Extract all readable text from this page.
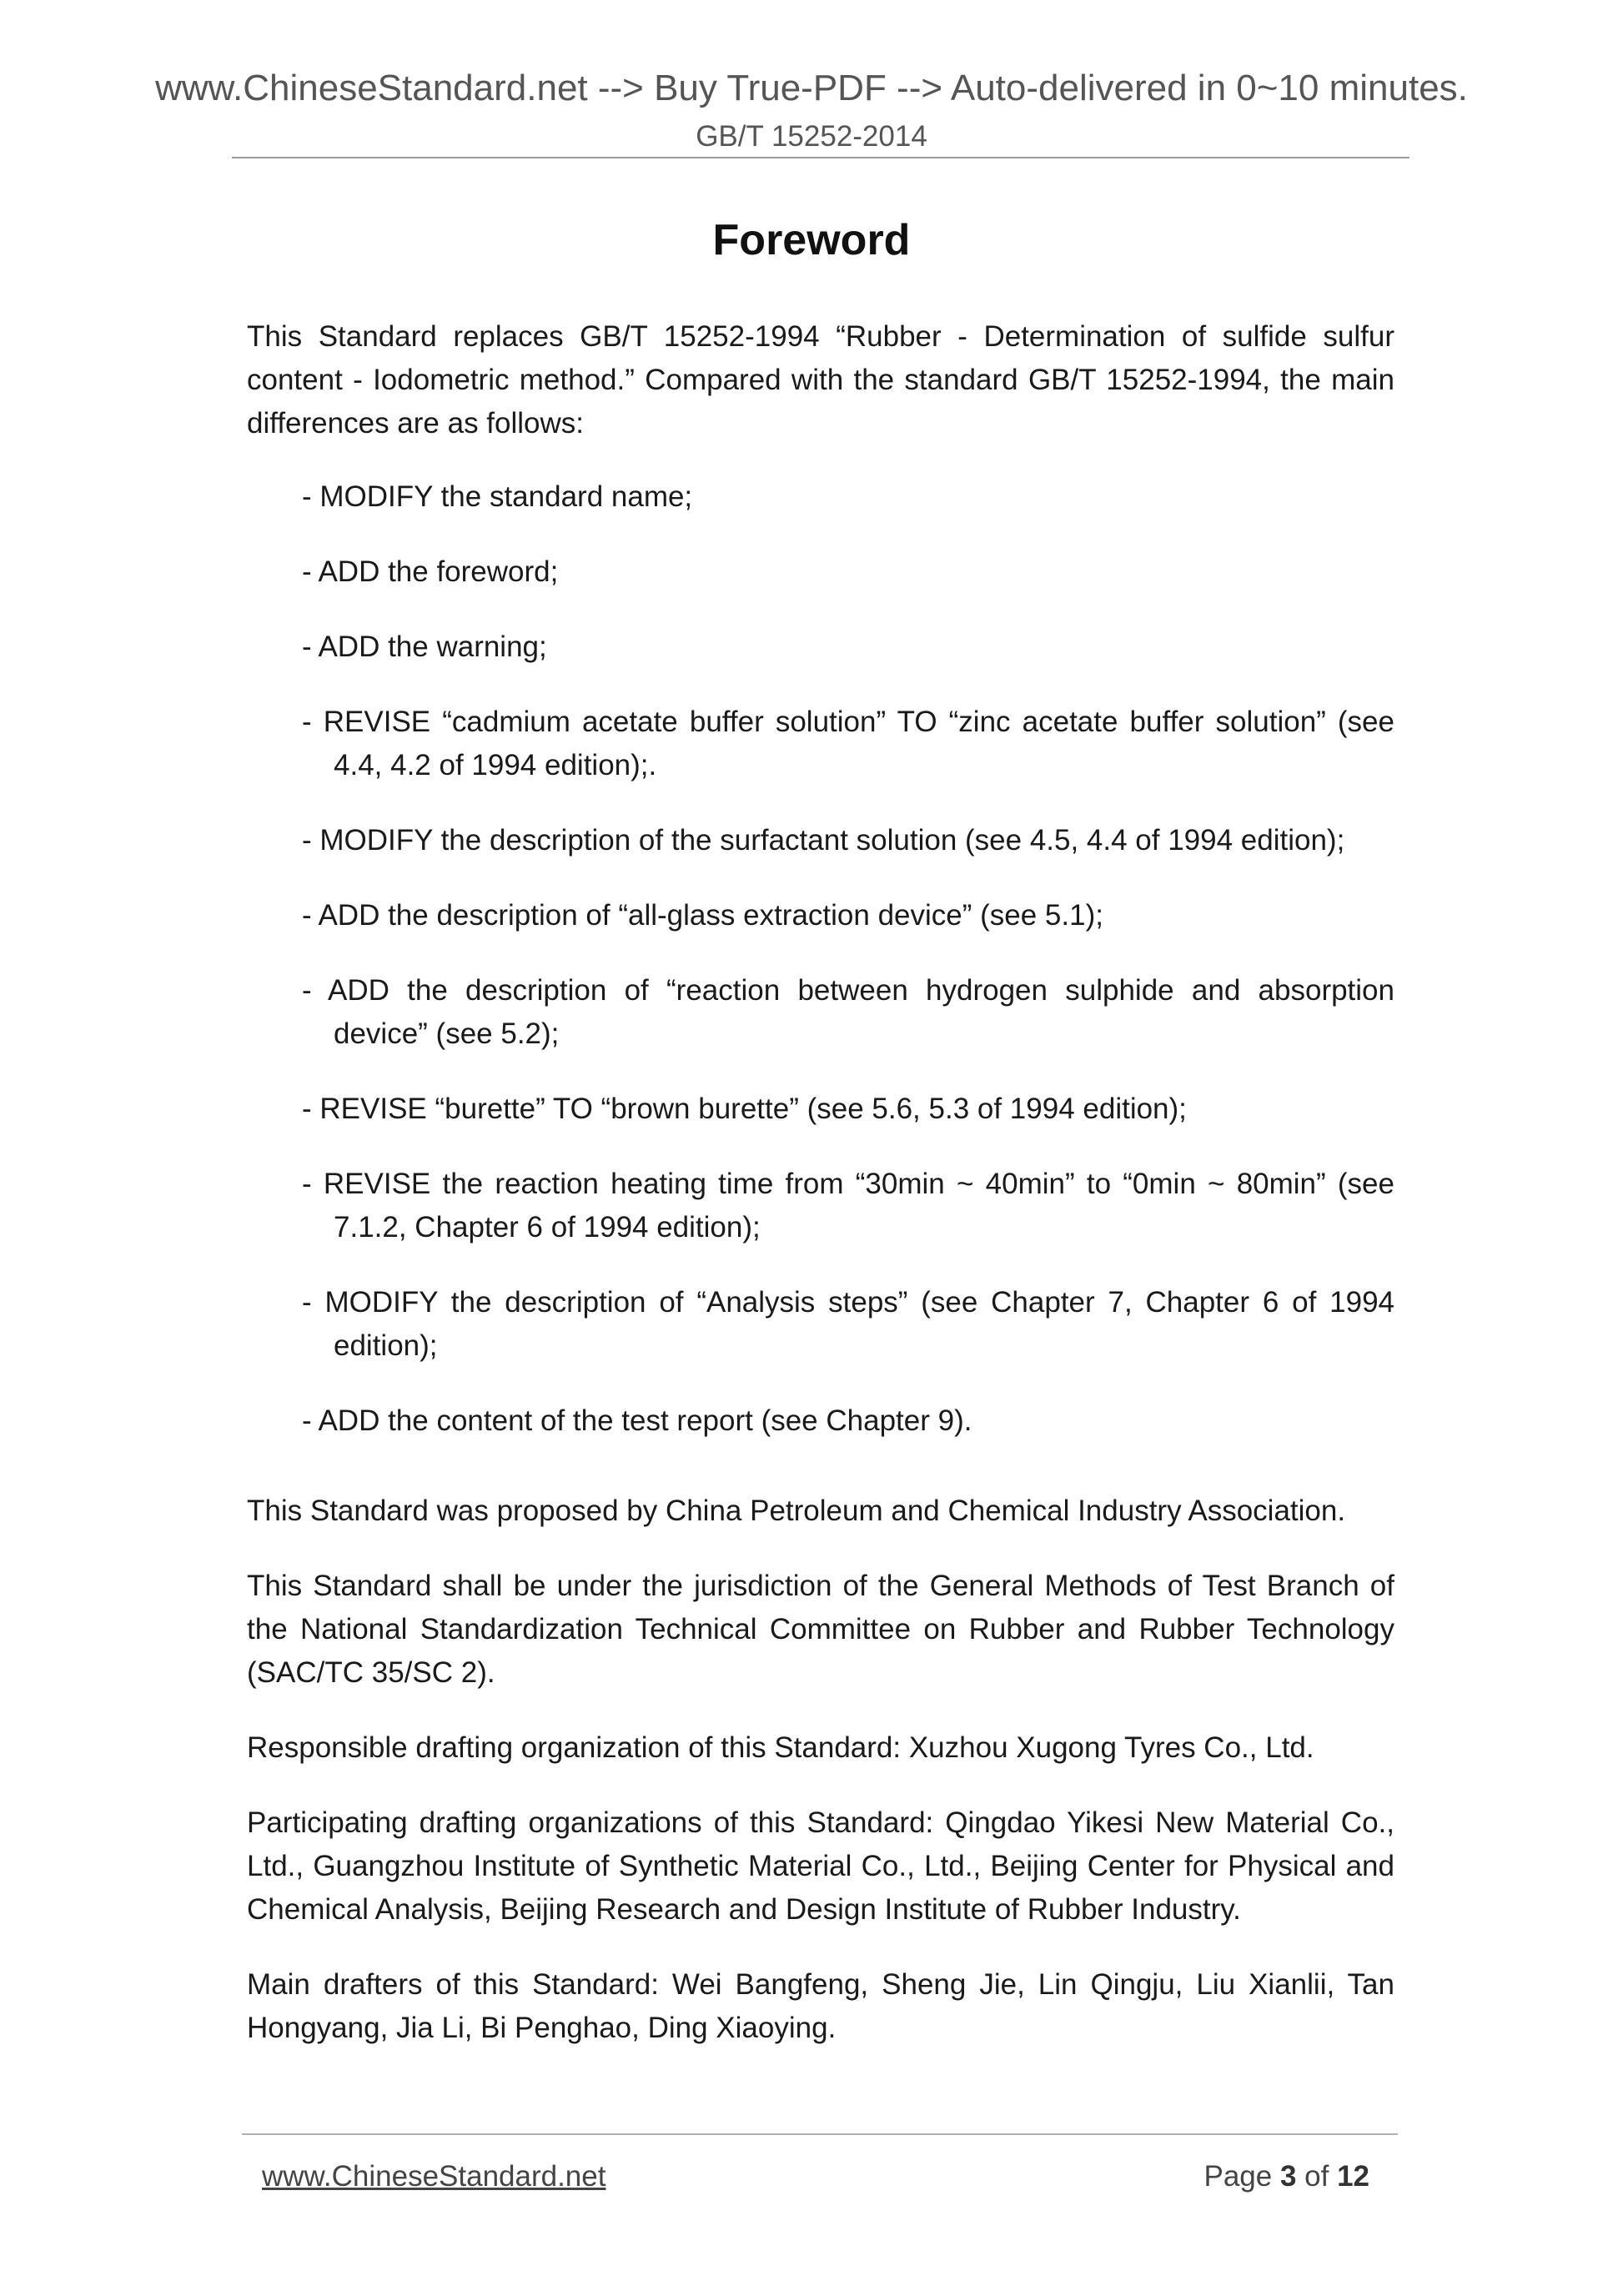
www.ChineseStandard.net --> Buy True-PDF --> Auto-delivered in 0~10 minutes.
GB/T 15252-2014
Foreword

This Standard replaces GB/T 15252-1994 “Rubber - Determination of sulfide sulfur content - Iodometric method.” Compared with the standard GB/T 15252-1994, the main differences are as follows:

- MODIFY the standard name;
- ADD the foreword;
- ADD the warning;
- REVISE “cadmium acetate buffer solution” TO “zinc acetate buffer solution” (see 4.4, 4.2 of 1994 edition);.
- MODIFY the description of the surfactant solution (see 4.5, 4.4 of 1994 edition);
- ADD the description of “all-glass extraction device” (see 5.1);
- ADD the description of “reaction between hydrogen sulphide and absorption device” (see 5.2);
- REVISE “burette” TO “brown burette” (see 5.6, 5.3 of 1994 edition);
- REVISE the reaction heating time from “30min ~ 40min” to “0min ~ 80min” (see 7.1.2, Chapter 6 of 1994 edition);
- MODIFY the description of “Analysis steps” (see Chapter 7, Chapter 6 of 1994 edition);
- ADD the content of the test report (see Chapter 9).

This Standard was proposed by China Petroleum and Chemical Industry Association.

This Standard shall be under the jurisdiction of the General Methods of Test Branch of the National Standardization Technical Committee on Rubber and Rubber Technology (SAC/TC 35/SC 2).

Responsible drafting organization of this Standard: Xuzhou Xugong Tyres Co., Ltd.

Participating drafting organizations of this Standard: Qingdao Yikesi New Material Co., Ltd., Guangzhou Institute of Synthetic Material Co., Ltd., Beijing Center for Physical and Chemical Analysis, Beijing Research and Design Institute of Rubber Industry.

Main drafters of this Standard: Wei Bangfeng, Sheng Jie, Lin Qingju, Liu Xianlii, Tan Hongyang, Jia Li, Bi Penghao, Ding Xiaoying.

www.ChineseStandard.net	Page 3 of 12
